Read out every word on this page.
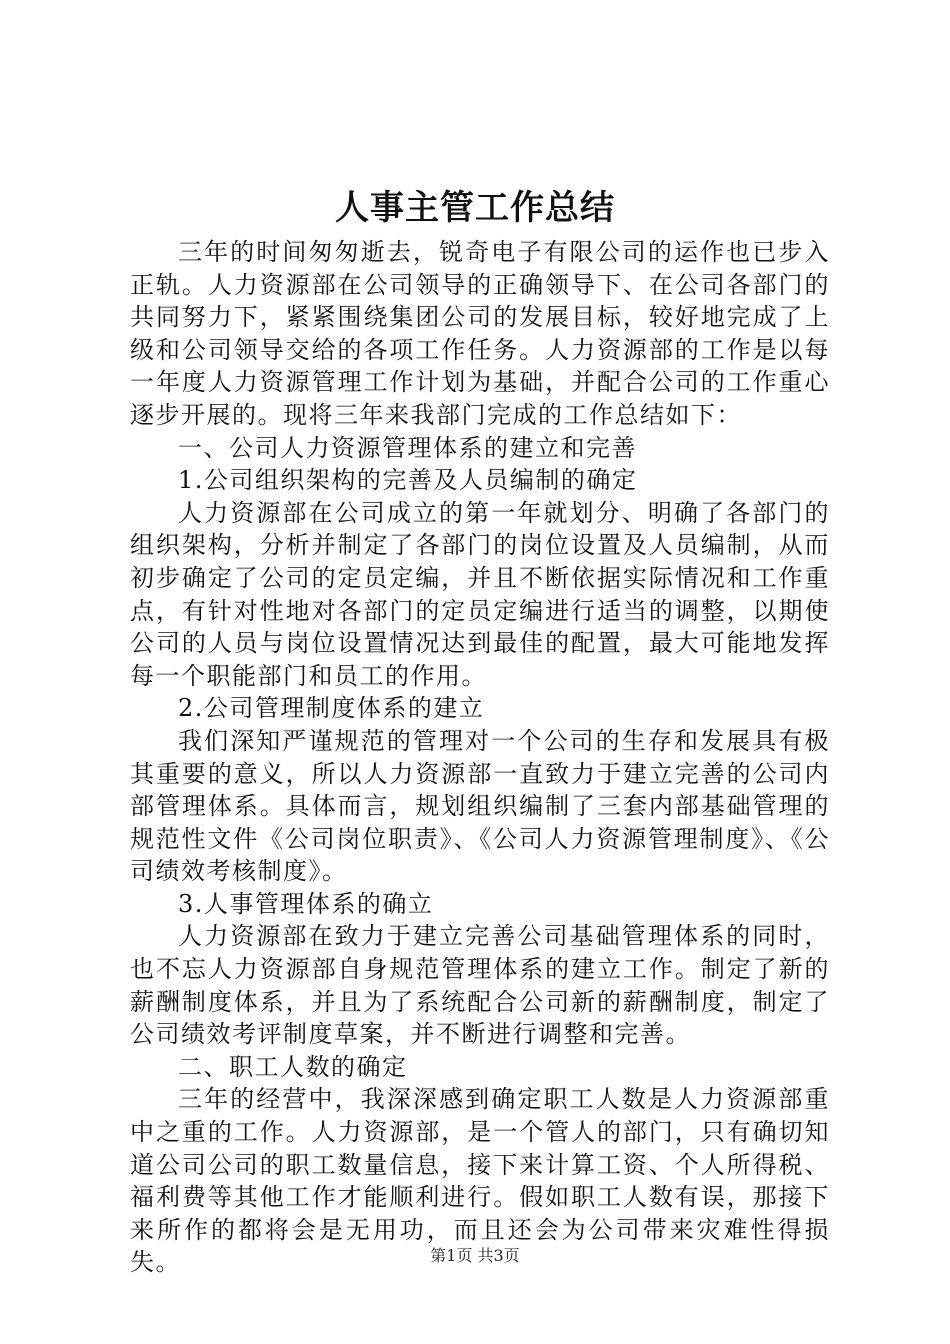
人事主管工作总结

三年的时间匆匆逝去，锐奇电子有限公司的运作也已步入正轨。人力资源部在公司领导的正确领导下、在公司各部门的共同努力下，紧紧围绕集团公司的发展目标，较好地完成了上级和公司领导交给的各项工作任务。人力资源部的工作是以每一年度人力资源管理工作计划为基础，并配合公司的工作重心逐步开展的。现将三年来我部门完成的工作总结如下：

一、公司人力资源管理体系的建立和完善

1.公司组织架构的完善及人员编制的确定

人力资源部在公司成立的第一年就划分、明确了各部门的组织架构，分析并制定了各部门的岗位设置及人员编制，从而初步确定了公司的定员定编，并且不断依据实际情况和工作重点，有针对性地对各部门的定员定编进行适当的调整，以期使公司的人员与岗位设置情况达到最佳的配置，最大可能地发挥每一个职能部门和员工的作用。

2.公司管理制度体系的建立

我们深知严谨规范的管理对一个公司的生存和发展具有极其重要的意义，所以人力资源部一直致力于建立完善的公司内部管理体系。具体而言，规划组织编制了三套内部基础管理的规范性文件《公司岗位职责》、《公司人力资源管理制度》、《公司绩效考核制度》。

3.人事管理体系的确立

人力资源部在致力于建立完善公司基础管理体系的同时，也不忘人力资源部自身规范管理体系的建立工作。制定了新的薪酬制度体系，并且为了系统配合公司新的薪酬制度，制定了公司绩效考评制度草案，并不断进行调整和完善。

二、职工人数的确定

三年的经营中，我深深感到确定职工人数是人力资源部重中之重的工作。人力资源部，是一个管人的部门，只有确切知道公司公司的职工数量信息，接下来计算工资、个人所得税、福利费等其他工作才能顺利进行。假如职工人数有误，那接下来所作的都将会是无用功，而且还会为公司带来灾难性得损失。	第1页 共3页
